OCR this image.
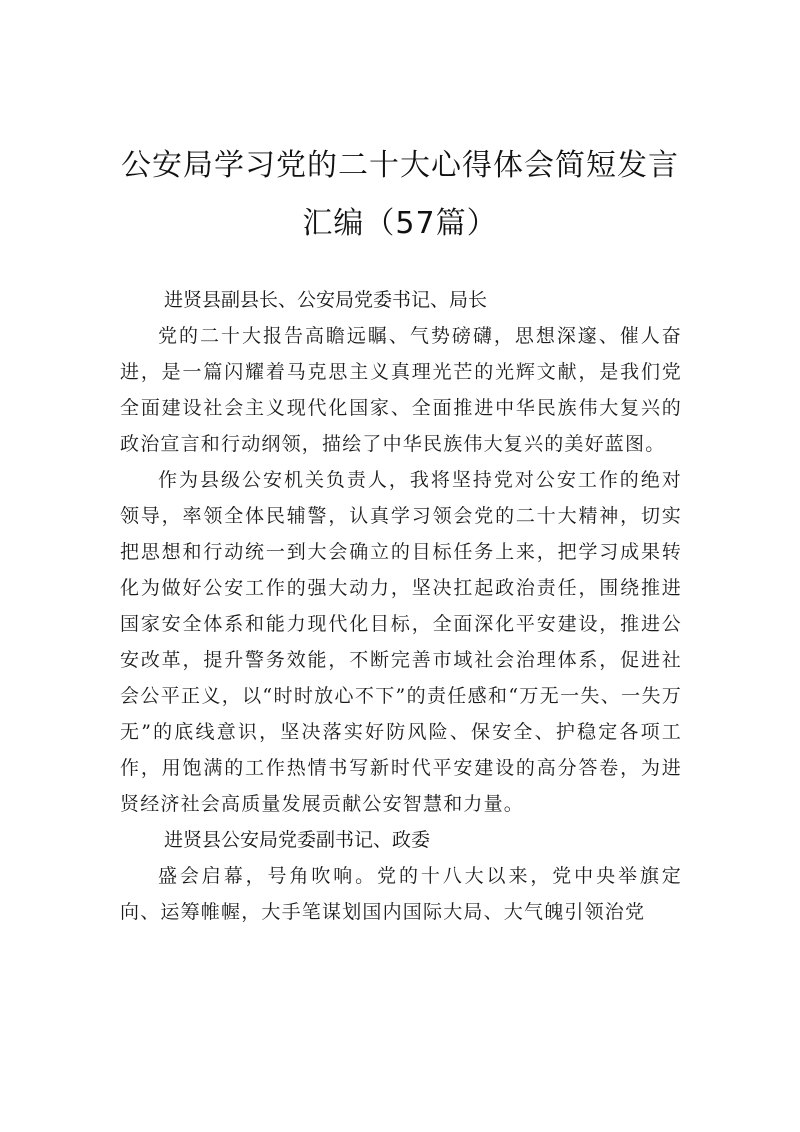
公安局学习党的二十大心得体会简短发言
汇编（57篇）
进贤县副县长、公安局党委书记、局长

党的二十大报告高瞻远瞩、气势磅礴，思想深邃、催人奋进，是一篇闪耀着马克思主义真理光芒的光辉文献，是我们党全面建设社会主义现代化国家、全面推进中华民族伟大复兴的政治宣言和行动纲领，描绘了中华民族伟大复兴的美好蓝图。

作为县级公安机关负责人，我将坚持党对公安工作的绝对领导，率领全体民辅警，认真学习领会党的二十大精神，切实把思想和行动统一到大会确立的目标任务上来，把学习成果转化为做好公安工作的强大动力，坚决扛起政治责任，围绕推进国家安全体系和能力现代化目标，全面深化平安建设，推进公安改革，提升警务效能，不断完善市域社会治理体系，促进社会公平正义，以“时时放心不下”的责任感和“万无一失、一失万无”的底线意识，坚决落实好防风险、保安全、护稳定各项工作，用饱满的工作热情书写新时代平安建设的高分答卷，为进贤经济社会高质量发展贡献公安智慧和力量。

进贤县公安局党委副书记、政委

盛会启幕，号角吹响。党的十八大以来，党中央举旗定向、运筹帷幄，大手笔谋划国内国际大局、大气魄引领治党
